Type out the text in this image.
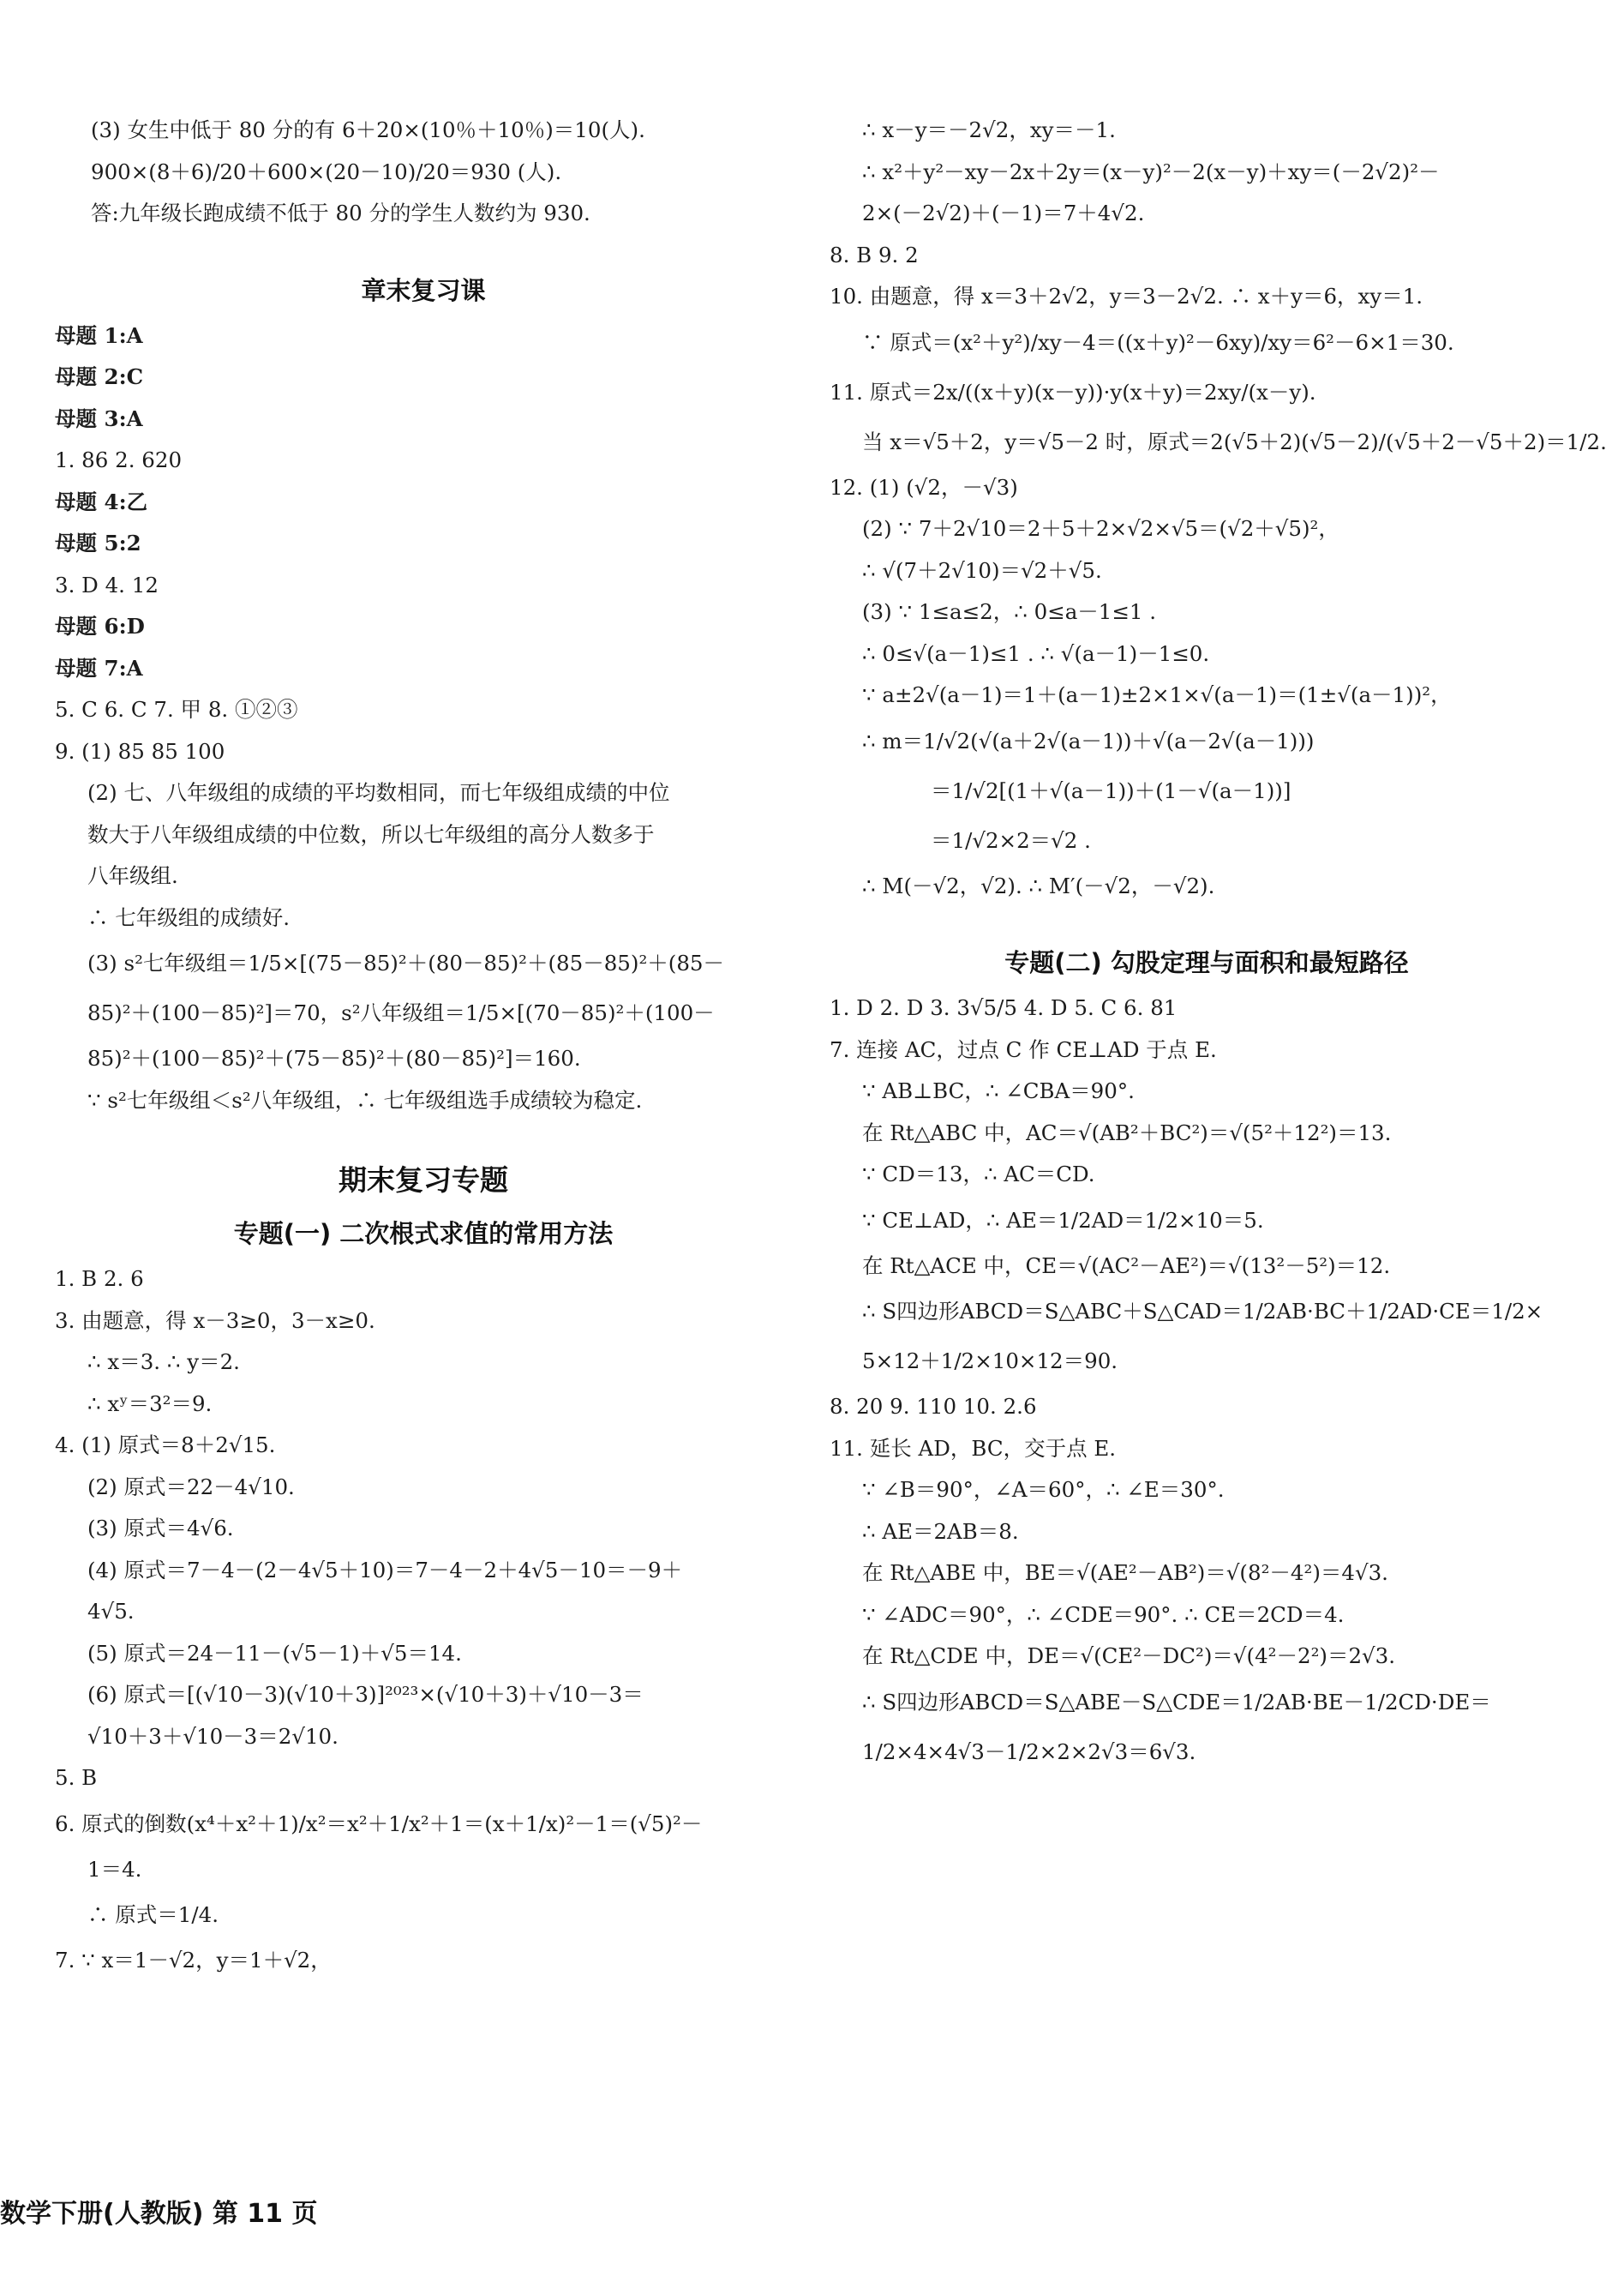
(3) 女生中低于 80 分的有 6＋20×(10％＋10％)＝10(人).
900×(8＋6)/20＋600×(20－10)/20＝930 (人).
答:九年级长跑成绩不低于 80 分的学生人数约为 930.
章末复习课
母题 1:A
母题 2:C
母题 3:A
1. 86 2. 620
母题 4:乙
母题 5:2
3. D 4. 12
母题 6:D
母题 7:A
5. C 6. C 7. 甲 8. ①②③
9. (1) 85 85 100
(2) 七、八年级组的成绩的平均数相同，而七年级组成绩的中位
数大于八年级组成绩的中位数，所以七年级组的高分人数多于
八年级组.
∴ 七年级组的成绩好.
(3) s²七年级组＝1/5×[(75－85)²＋(80－85)²＋(85－85)²＋(85－
85)²＋(100－85)²]＝70，s²八年级组＝1/5×[(70－85)²＋(100－
85)²＋(100－85)²＋(75－85)²＋(80－85)²]＝160.
∵ s²七年级组＜s²八年级组，∴ 七年级组选手成绩较为稳定.
期末复习专题
专题(一) 二次根式求值的常用方法
1. B 2. 6
3. 由题意，得 x－3≥0，3－x≥0.
∴ x＝3. ∴ y＝2.
∴ xʸ＝3²＝9.
4. (1) 原式＝8＋2√15.
(2) 原式＝22－4√10.
(3) 原式＝4√6.
(4) 原式＝7－4－(2－4√5＋10)＝7－4－2＋4√5－10＝－9＋
4√5.
(5) 原式＝24－11－(√5－1)＋√5＝14.
(6) 原式＝[(√10－3)(√10＋3)]²⁰²³×(√10＋3)＋√10－3＝
√10＋3＋√10－3＝2√10.
5. B
6. 原式的倒数(x⁴＋x²＋1)/x²＝x²＋1/x²＋1＝(x＋1/x)²－1＝(√5)²－
1＝4.
∴ 原式＝1/4.
7. ∵ x＝1－√2，y＝1＋√2，
∴ x－y＝－2√2，xy＝－1.
∴ x²＋y²－xy－2x＋2y＝(x－y)²－2(x－y)＋xy＝(－2√2)²－
2×(－2√2)＋(－1)＝7＋4√2.
8. B 9. 2
10. 由题意，得 x＝3＋2√2，y＝3－2√2. ∴ x＋y＝6，xy＝1.
∵ 原式＝(x²＋y²)/xy－4＝((x＋y)²－6xy)/xy＝6²－6×1＝30.
11. 原式＝2x/((x＋y)(x－y))·y(x＋y)＝2xy/(x－y).
当 x＝√5＋2，y＝√5－2 时，原式＝2(√5＋2)(√5－2)/(√5＋2－√5＋2)＝1/2.
12. (1) (√2，－√3)
(2) ∵ 7＋2√10＝2＋5＋2×√2×√5＝(√2＋√5)²，
∴ √(7＋2√10)＝√2＋√5.
(3) ∵ 1≤a≤2，∴ 0≤a－1≤1 .
∴ 0≤√(a－1)≤1 . ∴ √(a－1)－1≤0.
∵ a±2√(a－1)＝1＋(a－1)±2×1×√(a－1)＝(1±√(a－1))²，
∴ m＝1/√2(√(a＋2√(a－1))＋√(a－2√(a－1)))
＝1/√2[(1＋√(a－1))＋(1－√(a－1))]
＝1/√2×2＝√2 .
∴ M(－√2，√2). ∴ M′(－√2，－√2).
专题(二) 勾股定理与面积和最短路径
1. D 2. D 3. 3√5/5 4. D 5. C 6. 81
7. 连接 AC，过点 C 作 CE⊥AD 于点 E.
∵ AB⊥BC，∴ ∠CBA＝90°.
在 Rt△ABC 中，AC＝√(AB²＋BC²)＝√(5²＋12²)＝13.
∵ CD＝13，∴ AC＝CD.
∵ CE⊥AD，∴ AE＝1/2AD＝1/2×10＝5.
在 Rt△ACE 中，CE＝√(AC²－AE²)＝√(13²－5²)＝12.
∴ S四边形ABCD＝S△ABC＋S△CAD＝1/2AB·BC＋1/2AD·CE＝1/2×
5×12＋1/2×10×12＝90.
8. 20 9. 110 10. 2.6
11. 延长 AD，BC，交于点 E.
∵ ∠B＝90°，∠A＝60°，∴ ∠E＝30°.
∴ AE＝2AB＝8.
在 Rt△ABE 中，BE＝√(AE²－AB²)＝√(8²－4²)＝4√3.
∵ ∠ADC＝90°，∴ ∠CDE＝90°. ∴ CE＝2CD＝4.
在 Rt△CDE 中，DE＝√(CE²－DC²)＝√(4²－2²)＝2√3.
∴ S四边形ABCD＝S△ABE－S△CDE＝1/2AB·BE－1/2CD·DE＝
1/2×4×4√3－1/2×2×2√3＝6√3.
数学下册(人教版) 第 11 页
